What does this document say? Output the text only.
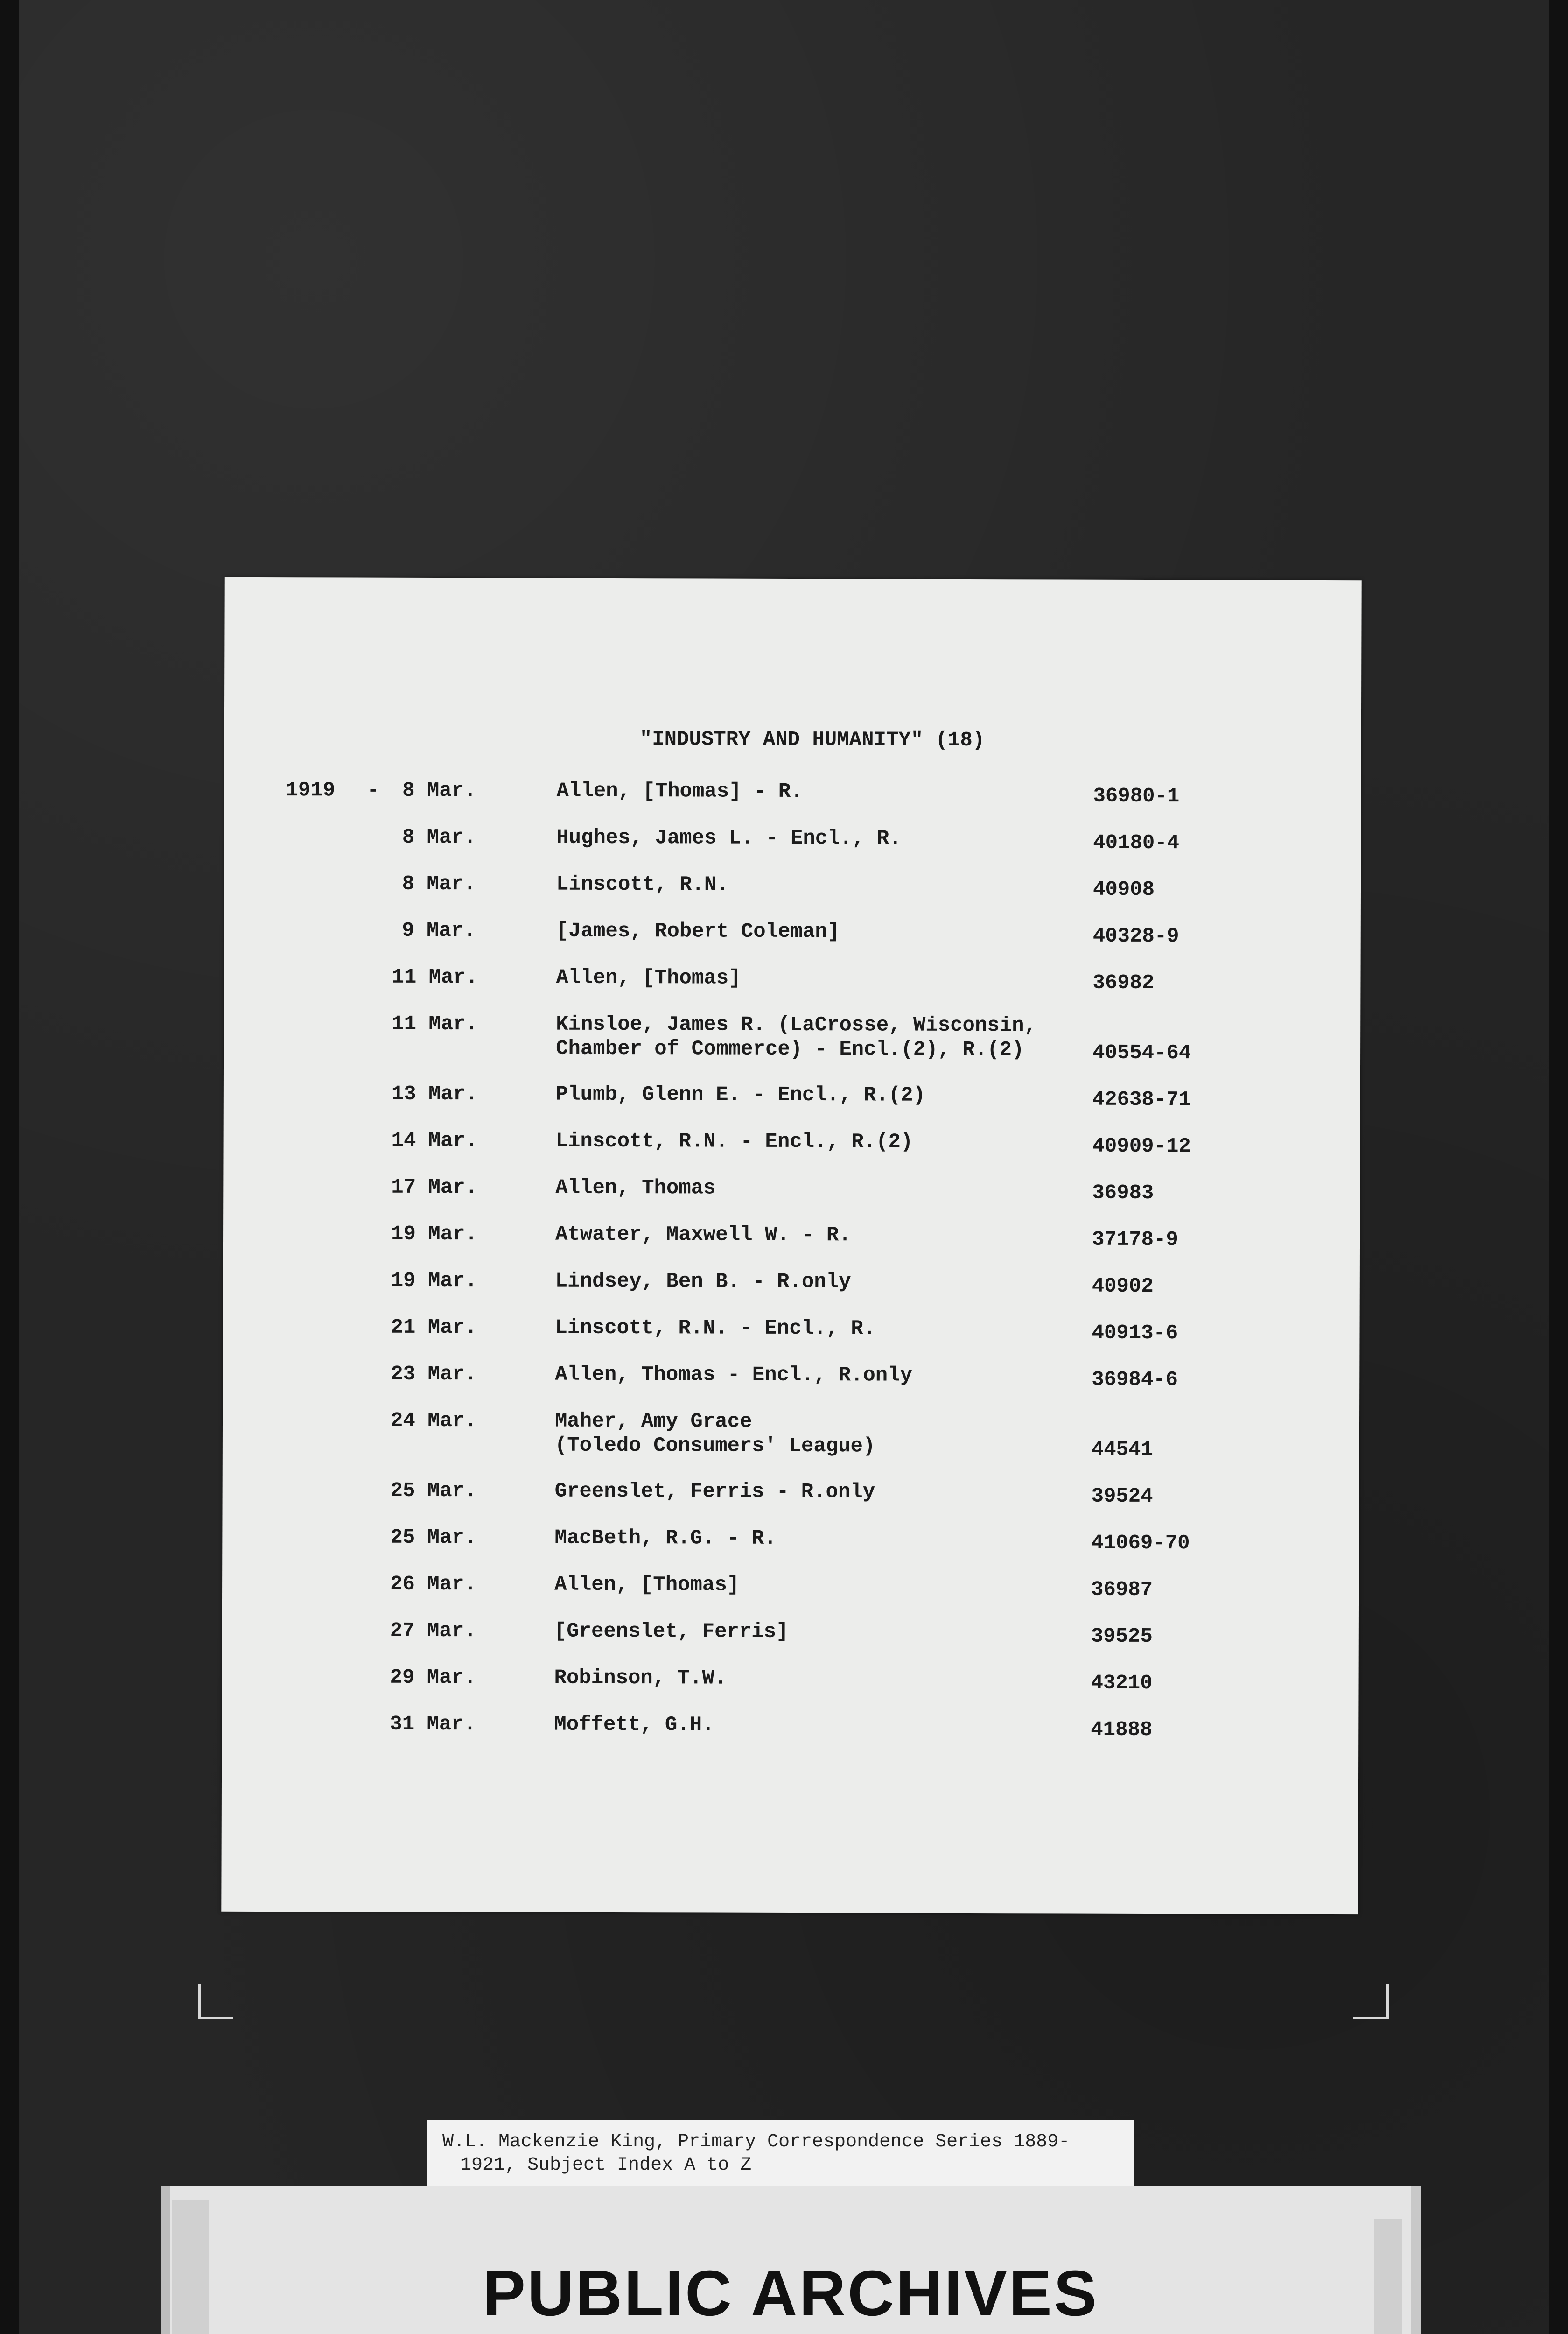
"INDUSTRY AND HUMANITY" (18)
1919 -	8 Mar.	Allen, [Thomas] - R.	36980-1
8 Mar.	Hughes, James L. - Encl., R.	40180-4
8 Mar.	Linscott, R.N.	40908
9 Mar.	[James, Robert Coleman]	40328-9
11 Mar.	Allen, [Thomas]	36982
11 Mar.	Kinsloe, James R. (LaCrosse, Wisconsin,
Chamber of Commerce) - Encl.(2), R.(2)	40554-64
13 Mar.	Plumb, Glenn E. - Encl., R.(2)	42638-71
14 Mar.	Linscott, R.N. - Encl., R.(2)	40909-12
17 Mar.	Allen, Thomas	36983
19 Mar.	Atwater, Maxwell W. - R.	37178-9
19 Mar.	Lindsey, Ben B. - R.only	40902
21 Mar.	Linscott, R.N. - Encl., R.	40913-6
23 Mar.	Allen, Thomas - Encl., R.only	36984-6
24 Mar.	Maher, Amy Grace
(Toledo Consumers' League)	44541
25 Mar.	Greenslet, Ferris - R.only	39524
25 Mar.	MacBeth, R.G. - R.	41069-70
26 Mar.	Allen, [Thomas]	36987
27 Mar.	[Greenslet, Ferris]	39525
29 Mar.	Robinson, T.W.	43210
31 Mar.	Moffett, G.H.	41888
W.L. Mackenzie King, Primary Correspondence Series 1889-
1921, Subject Index A to Z
PUBLIC ARCHIVES
